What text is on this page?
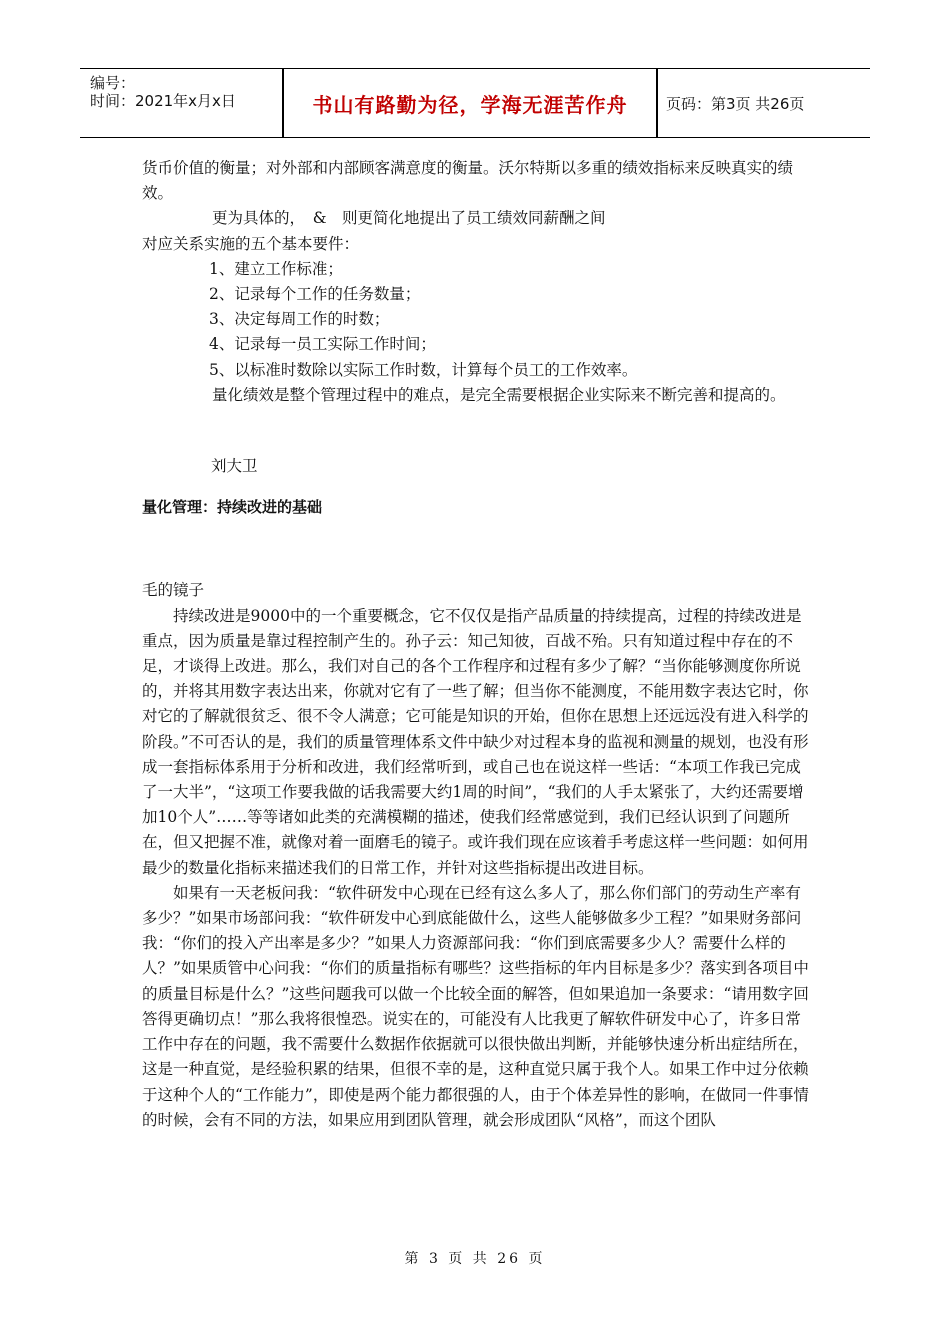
编号：
时间：2021年x月x日	书山有路勤为径，学海无涯苦作舟	页码：第3页 共26页

货币价值的衡量；对外部和内部顾客满意度的衡量。沃尔特斯以多重的绩效指标来反映真实的绩效。

更为具体的，　&　则更简化地提出了员工绩效同薪酬之间

对应关系实施的五个基本要件：

1、建立工作标准；

2、记录每个工作的任务数量；

3、决定每周工作的时数；

4、记录每一员工实际工作时间；

5、以标准时数除以实际工作时数，计算每个员工的工作效率。

量化绩效是整个管理过程中的难点，是完全需要根据企业实际来不断完善和提高的。

刘大卫

量化管理：持续改进的基础

毛的镜子

持续改进是9000中的一个重要概念，它不仅仅是指产品质量的持续提高，过程的持续改进是重点，因为质量是靠过程控制产生的。孙子云：知己知彼，百战不殆。只有知道过程中存在的不足，才谈得上改进。那么，我们对自己的各个工作程序和过程有多少了解？“当你能够测度你所说的，并将其用数字表达出来，你就对它有了一些了解；但当你不能测度，不能用数字表达它时，你对它的了解就很贫乏、很不令人满意；它可能是知识的开始，但你在思想上还远远没有进入科学的阶段。”不可否认的是，我们的质量管理体系文件中缺少对过程本身的监视和测量的规划，也没有形成一套指标体系用于分析和改进，我们经常听到，或自己也在说这样一些话：“本项工作我已完成了一大半”，“这项工作要我做的话我需要大约1周的时间”，“我们的人手太紧张了，大约还需要增加10个人”……等等诸如此类的充满模糊的描述，使我们经常感觉到，我们已经认识到了问题所在，但又把握不准，就像对着一面磨毛的镜子。或许我们现在应该着手考虑这样一些问题：如何用最少的数量化指标来描述我们的日常工作，并针对这些指标提出改进目标。

如果有一天老板问我：“软件研发中心现在已经有这么多人了，那么你们部门的劳动生产率有多少？”如果市场部问我：“软件研发中心到底能做什么，这些人能够做多少工程？”如果财务部问我：“你们的投入产出率是多少？”如果人力资源部问我：“你们到底需要多少人？需要什么样的人？”如果质管中心问我：“你们的质量指标有哪些？这些指标的年内目标是多少？落实到各项目中的质量目标是什么？”这些问题我可以做一个比较全面的解答，但如果追加一条要求：“请用数字回答得更确切点！”那么我将很惶恐。说实在的，可能没有人比我更了解软件研发中心了，许多日常工作中存在的问题，我不需要什么数据作依据就可以很快做出判断，并能够快速分析出症结所在，这是一种直觉，是经验积累的结果，但很不幸的是，这种直觉只属于我个人。如果工作中过分依赖于这种个人的“工作能力”，即使是两个能力都很强的人，由于个体差异性的影响，在做同一件事情的时候，会有不同的方法，如果应用到团队管理，就会形成团队“风格”，而这个团队

第 3 页 共 26 页
